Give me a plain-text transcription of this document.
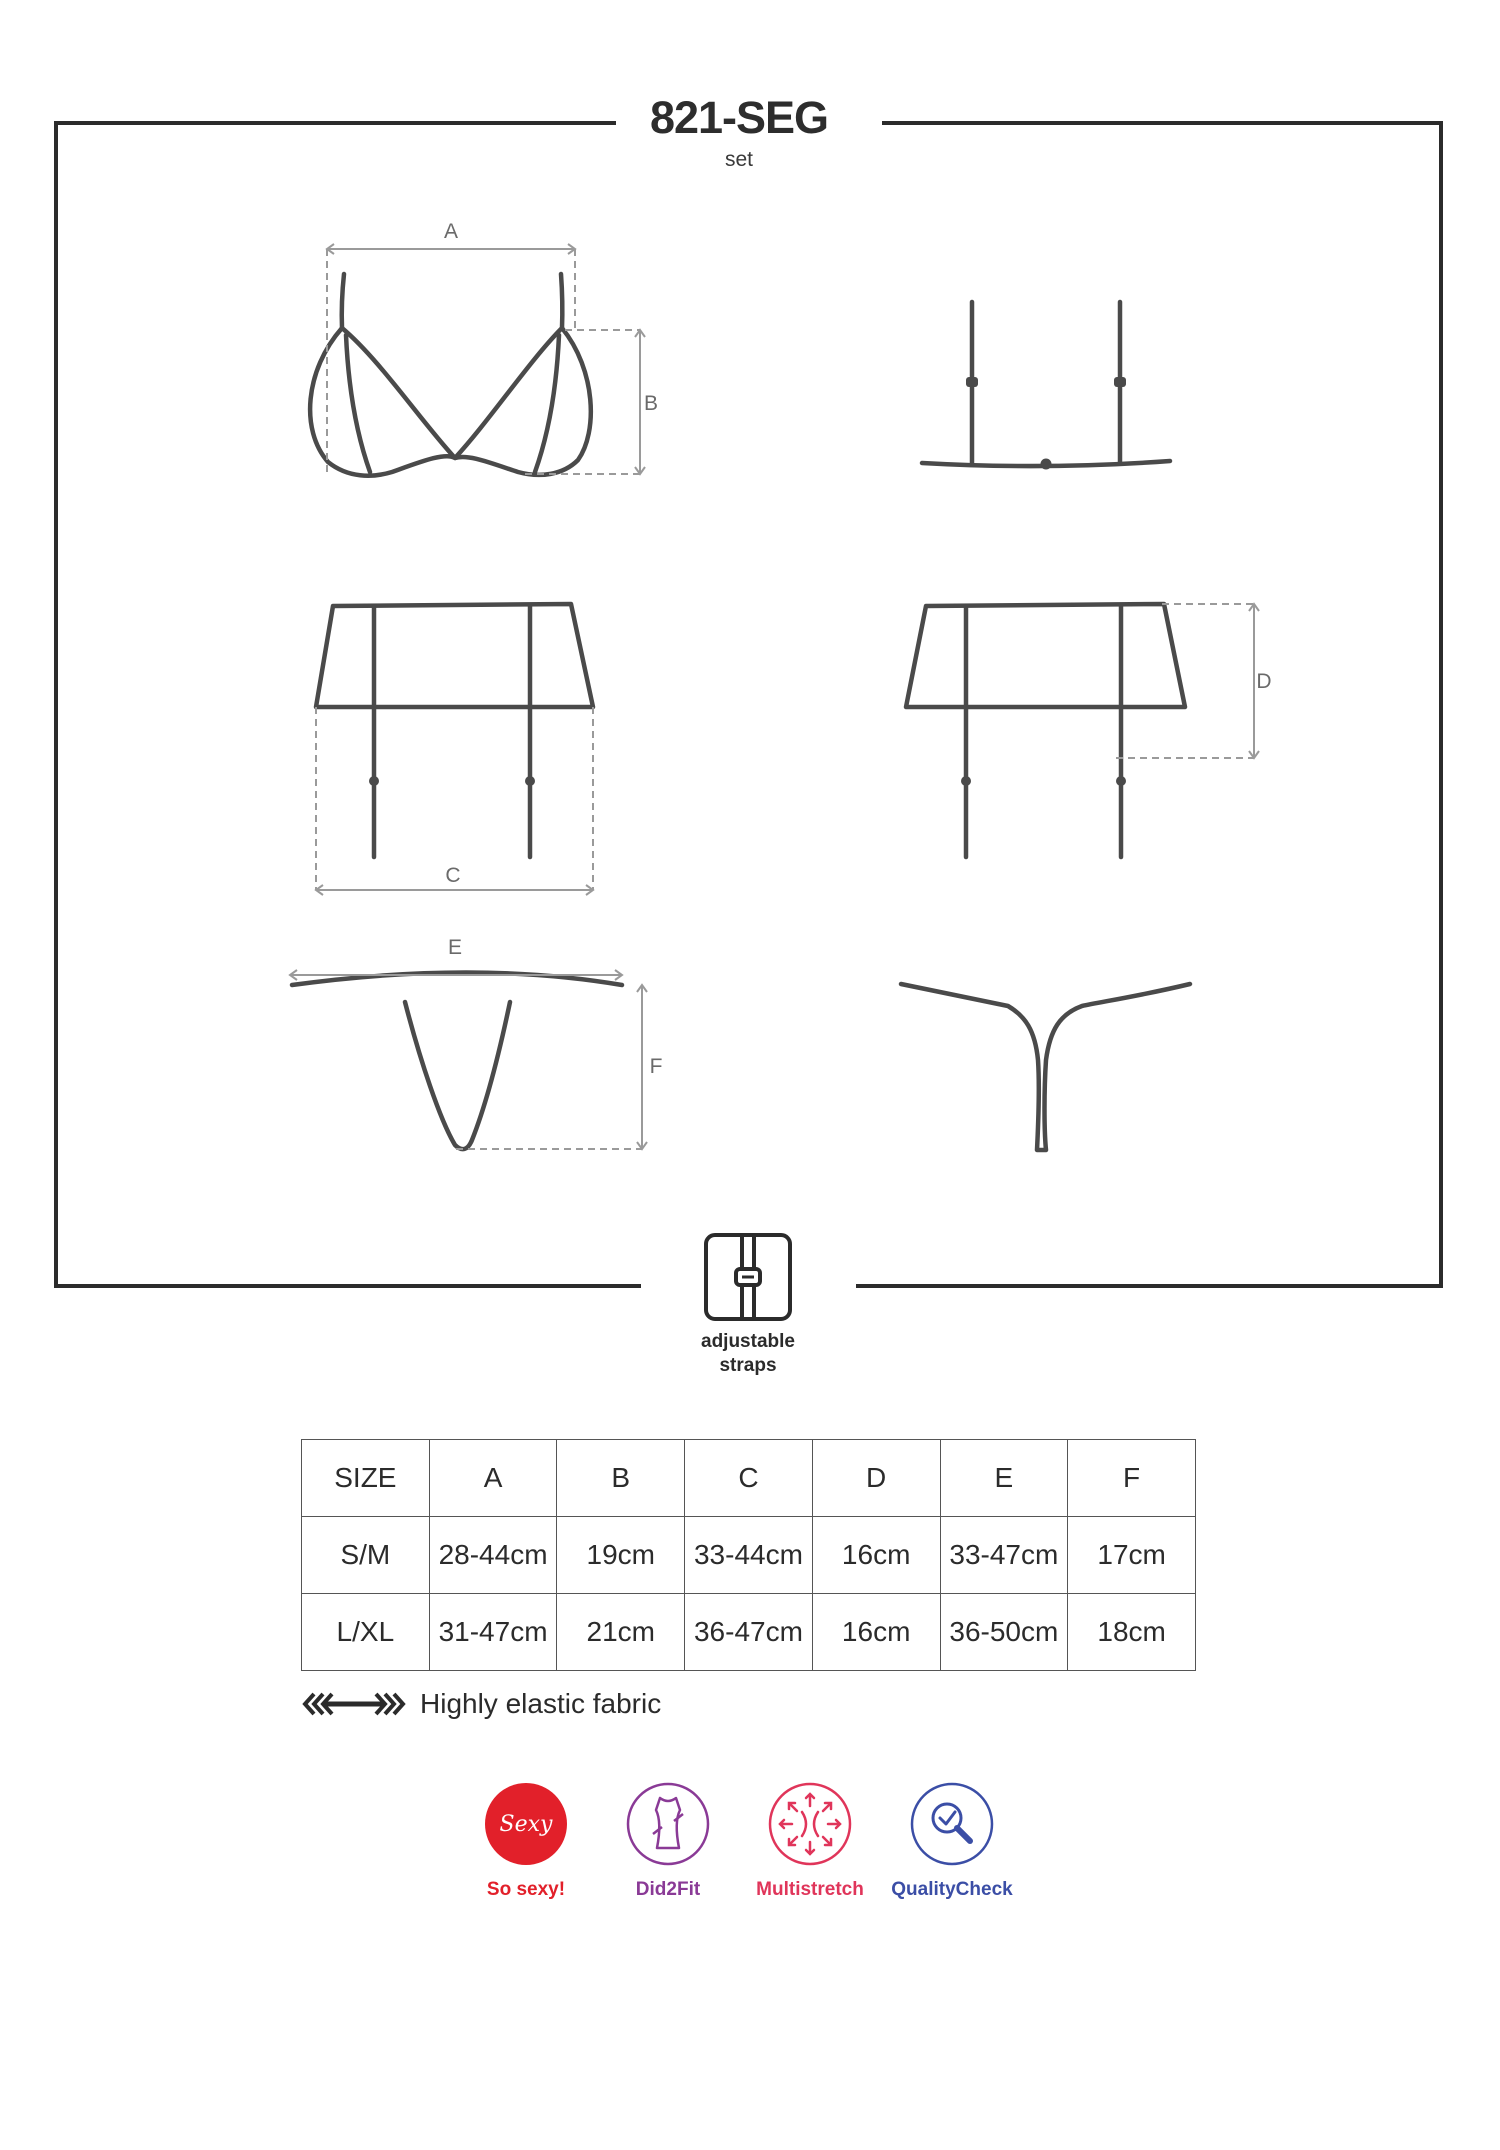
821-SEG
set
A
B
C
D
E
F
adjustable
straps
SIZE	A	B	C	D	E	F
S/M	28-44cm	19cm	33-44cm	16cm	33-47cm	17cm
L/XL	31-47cm	21cm	36-47cm	16cm	36-50cm	18cm
Highly elastic fabric
Sexy
So sexy!	Did2Fit	Multistretch	QualityCheck
